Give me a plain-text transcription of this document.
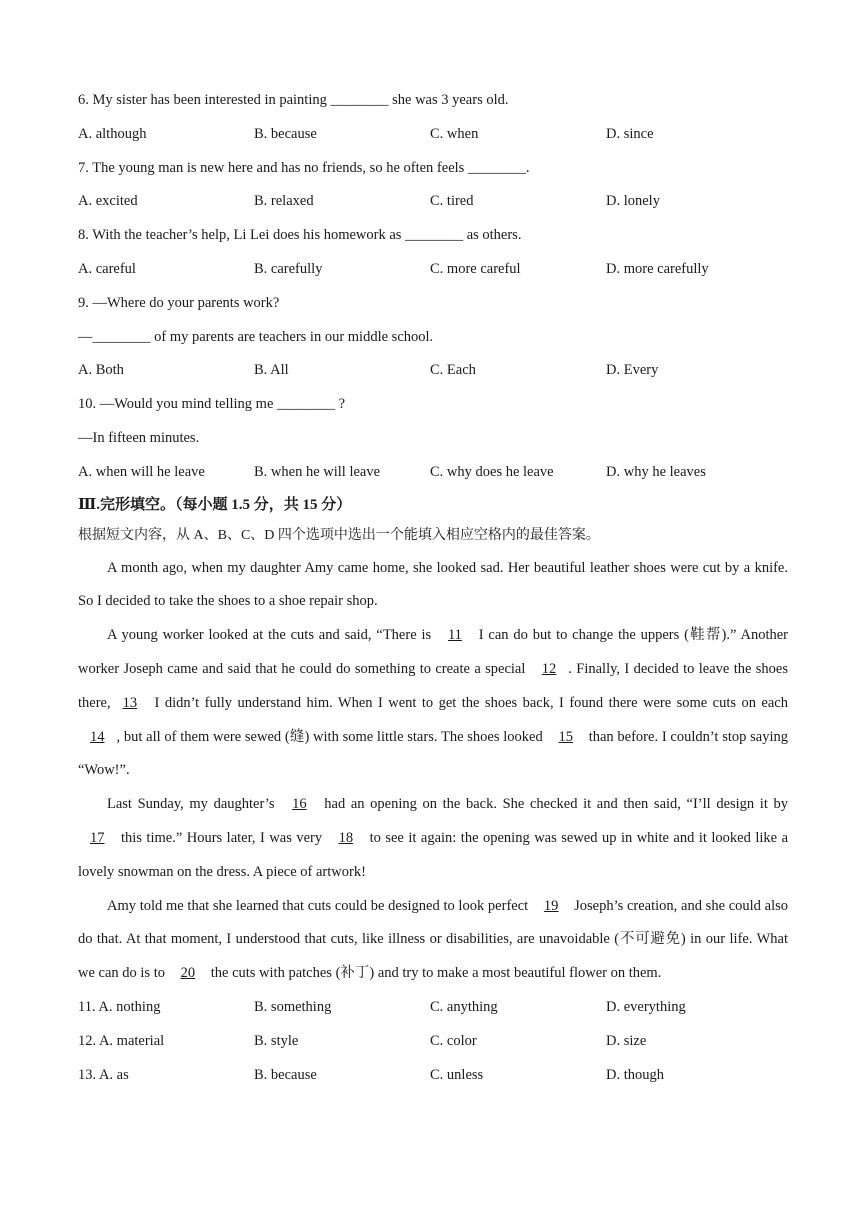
6. My sister has been interested in painting ________ she was 3 years old.
A. although	B. because	C. when	D. since
7. The young man is new here and has no friends, so he often feels ________.
A. excited	B. relaxed	C. tired	D. lonely
8. With the teacher’s help, Li Lei does his homework as ________ as others.
A. careful	B. carefully	C. more careful	D. more carefully
9. —Where do your parents work?
—________ of my parents are teachers in our middle school.
A. Both	B. All	C. Each	D. Every
10. —Would you mind telling me ________ ?
—In fifteen minutes.
A. when will he leave	B. when he will leave	C. why does he leave	D. why he leaves
Ⅲ.完形填空。（每小题 1.5 分，共 15 分）
根据短文内容，从 A、B、C、D 四个选项中选出一个能填入相应空格内的最佳答案。

A month ago, when my daughter Amy came home, she looked sad. Her beautiful leather shoes were cut by a knife. So I decided to take the shoes to a shoe repair shop.

A young worker looked at the cuts and said, “There is 11 I can do but to change the uppers (鞋帮).” Another worker Joseph came and said that he could do something to create a special 12 . Finally, I decided to leave the shoes there, 13 I didn’t fully understand him. When I went to get the shoes back, I found there were some cuts on each 14 , but all of them were sewed (缝) with some little stars. The shoes looked 15 than before. I couldn’t stop saying “Wow!”.

Last Sunday, my daughter’s 16 had an opening on the back. She checked it and then said, “I’ll design it by 17 this time.” Hours later, I was very 18 to see it again: the opening was sewed up in white and it looked like a lovely snowman on the dress. A piece of artwork!

Amy told me that she learned that cuts could be designed to look perfect 19 Joseph’s creation, and she could also do that. At that moment, I understood that cuts, like illness or disabilities, are unavoidable (不可避免) in our life. What we can do is to 20 the cuts with patches (补丁) and try to make a most beautiful flower on them.

11. A. nothing	B. something	C. anything	D. everything
12. A. material	B. style	C. color	D. size
13. A. as	B. because	C. unless	D. though
